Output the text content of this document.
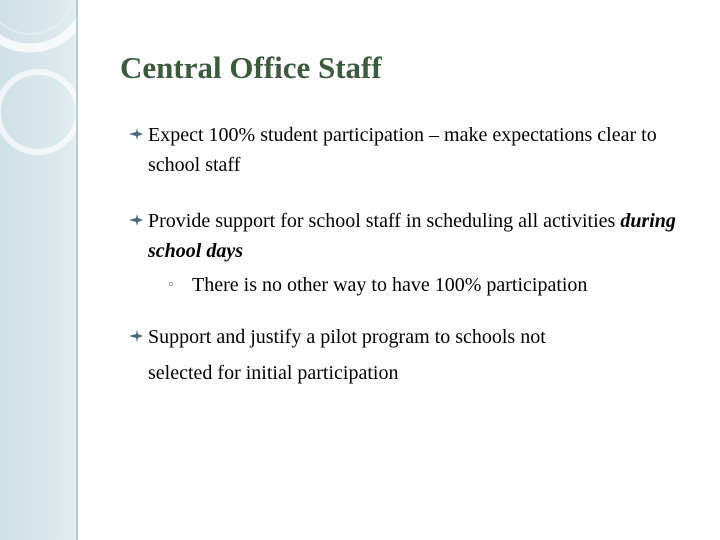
Central Office Staff
Expect 100% student participation – make expectations clear to school staff
Provide support for school staff in scheduling all activities during school days
◦ There is no other way to have 100% participation
Support and justify a pilot program to schools not
selected for initial participation
